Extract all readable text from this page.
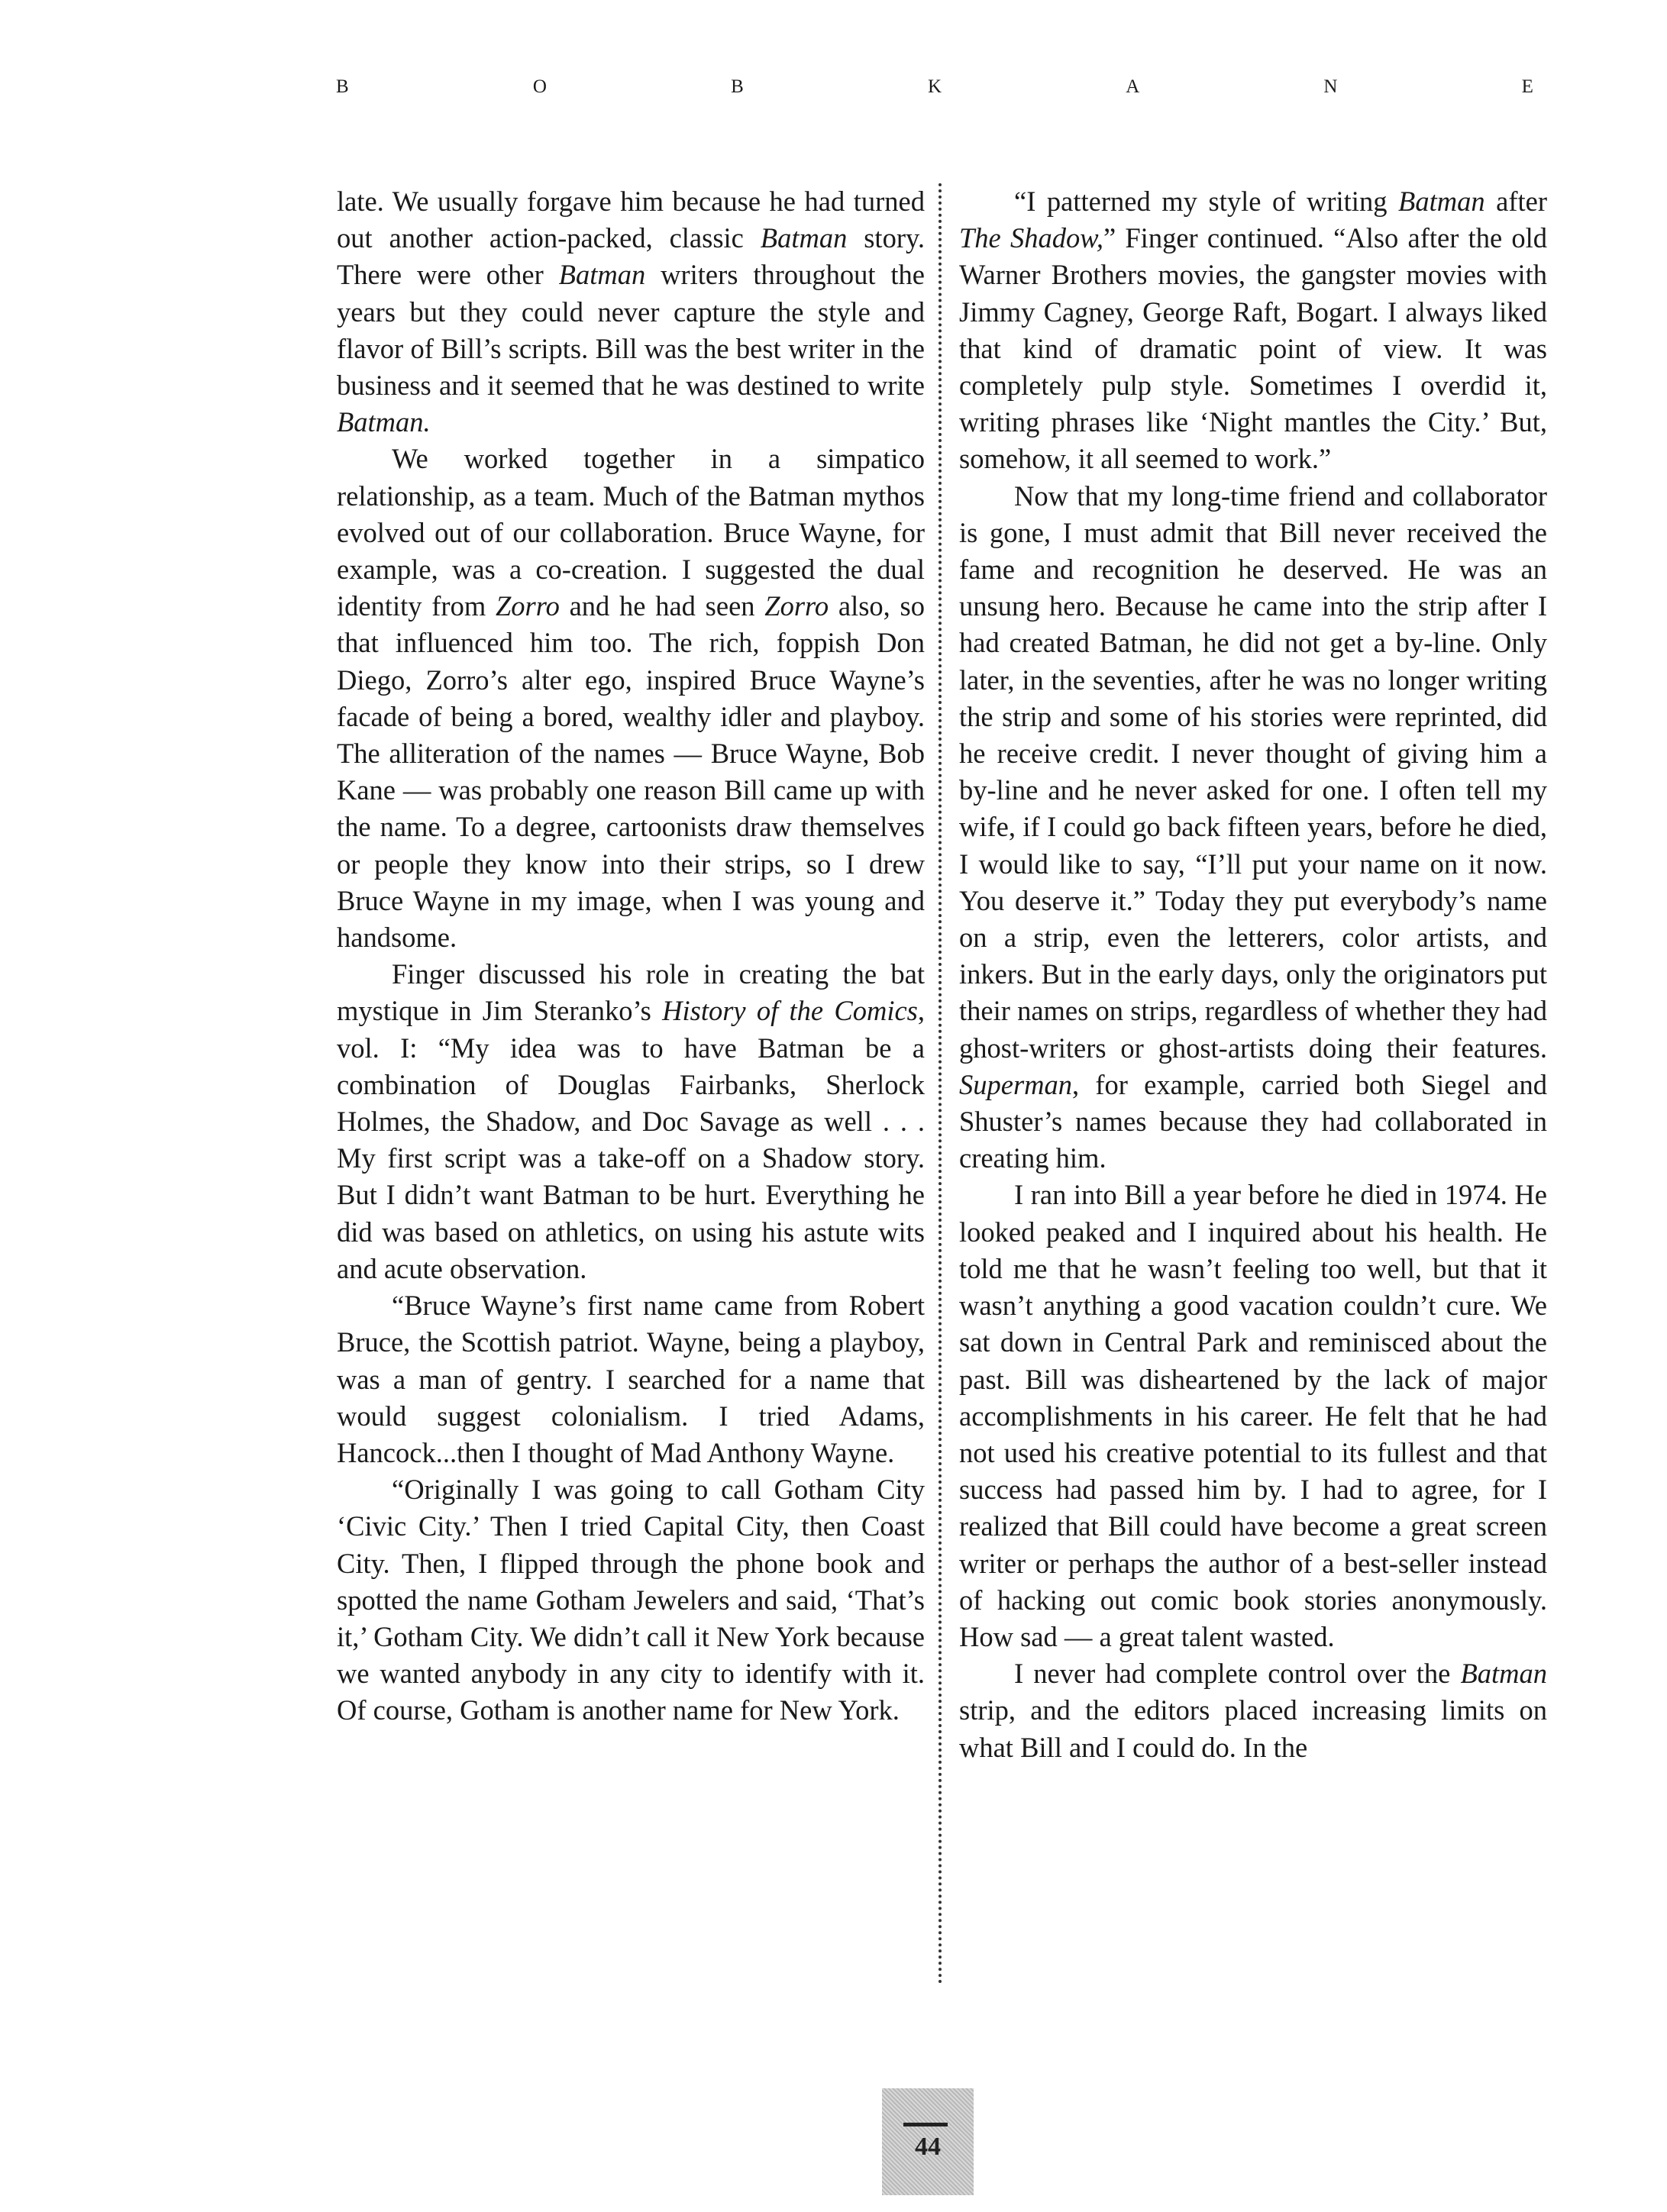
B	O	B	K	A	N	E

late. We usually forgave him because he had turned out another action-packed, classic Batman story. There were other Batman writers throughout the years but they could never capture the style and flavor of Bill’s scripts. Bill was the best writer in the business and it seemed that he was destined to write Batman.

We worked together in a simpatico relationship, as a team. Much of the Batman mythos evolved out of our collaboration. Bruce Wayne, for example, was a co-creation. I suggested the dual identity from Zorro and he had seen Zorro also, so that influenced him too. The rich, foppish Don Diego, Zorro’s alter ego, inspired Bruce Wayne’s facade of being a bored, wealthy idler and playboy. The alliteration of the names — Bruce Wayne, Bob Kane — was probably one reason Bill came up with the name. To a degree, cartoonists draw themselves or people they know into their strips, so I drew Bruce Wayne in my image, when I was young and handsome.

Finger discussed his role in creating the bat mystique in Jim Steranko’s History of the Comics, vol. I: “My idea was to have Batman be a combination of Douglas Fairbanks, Sherlock Holmes, the Shadow, and Doc Savage as well . . . My first script was a take-off on a Shadow story. But I didn’t want Batman to be hurt. Everything he did was based on athletics, on using his astute wits and acute observation.

“Bruce Wayne’s first name came from Robert Bruce, the Scottish patriot. Wayne, being a playboy, was a man of gentry. I searched for a name that would suggest colonialism. I tried Adams, Hancock...then I thought of Mad Anthony Wayne.

“Originally I was going to call Gotham City ‘Civic City.’ Then I tried Capital City, then Coast City. Then, I flipped through the phone book and spotted the name Gotham Jewelers and said, ‘That’s it,’ Gotham City. We didn’t call it New York because we wanted anybody in any city to identify with it. Of course, Gotham is another name for New York.

“I patterned my style of writing Batman after The Shadow,” Finger continued. “Also after the old Warner Brothers movies, the gangster movies with Jimmy Cagney, George Raft, Bogart. I always liked that kind of dramatic point of view. It was completely pulp style. Sometimes I overdid it, writing phrases like ‘Night mantles the City.’ But, somehow, it all seemed to work.”

Now that my long-time friend and collaborator is gone, I must admit that Bill never received the fame and recognition he deserved. He was an unsung hero. Because he came into the strip after I had created Batman, he did not get a by-line. Only later, in the seventies, after he was no longer writing the strip and some of his stories were reprinted, did he receive credit. I never thought of giving him a by-line and he never asked for one. I often tell my wife, if I could go back fifteen years, before he died, I would like to say, “I’ll put your name on it now. You deserve it.” Today they put everybody’s name on a strip, even the letterers, color artists, and inkers. But in the early days, only the originators put their names on strips, regardless of whether they had ghost-writers or ghost-artists doing their features. Superman, for example, carried both Siegel and Shuster’s names because they had collaborated in creating him.

I ran into Bill a year before he died in 1974. He looked peaked and I inquired about his health. He told me that he wasn’t feeling too well, but that it wasn’t anything a good vacation couldn’t cure. We sat down in Central Park and reminisced about the past. Bill was disheartened by the lack of major accomplishments in his career. He felt that he had not used his creative potential to its fullest and that success had passed him by. I had to agree, for I realized that Bill could have become a great screen writer or perhaps the author of a best-seller instead of hacking out comic book stories anonymously. How sad — a great talent wasted.

I never had complete control over the Batman strip, and the editors placed increasing limits on what Bill and I could do. In the

44
